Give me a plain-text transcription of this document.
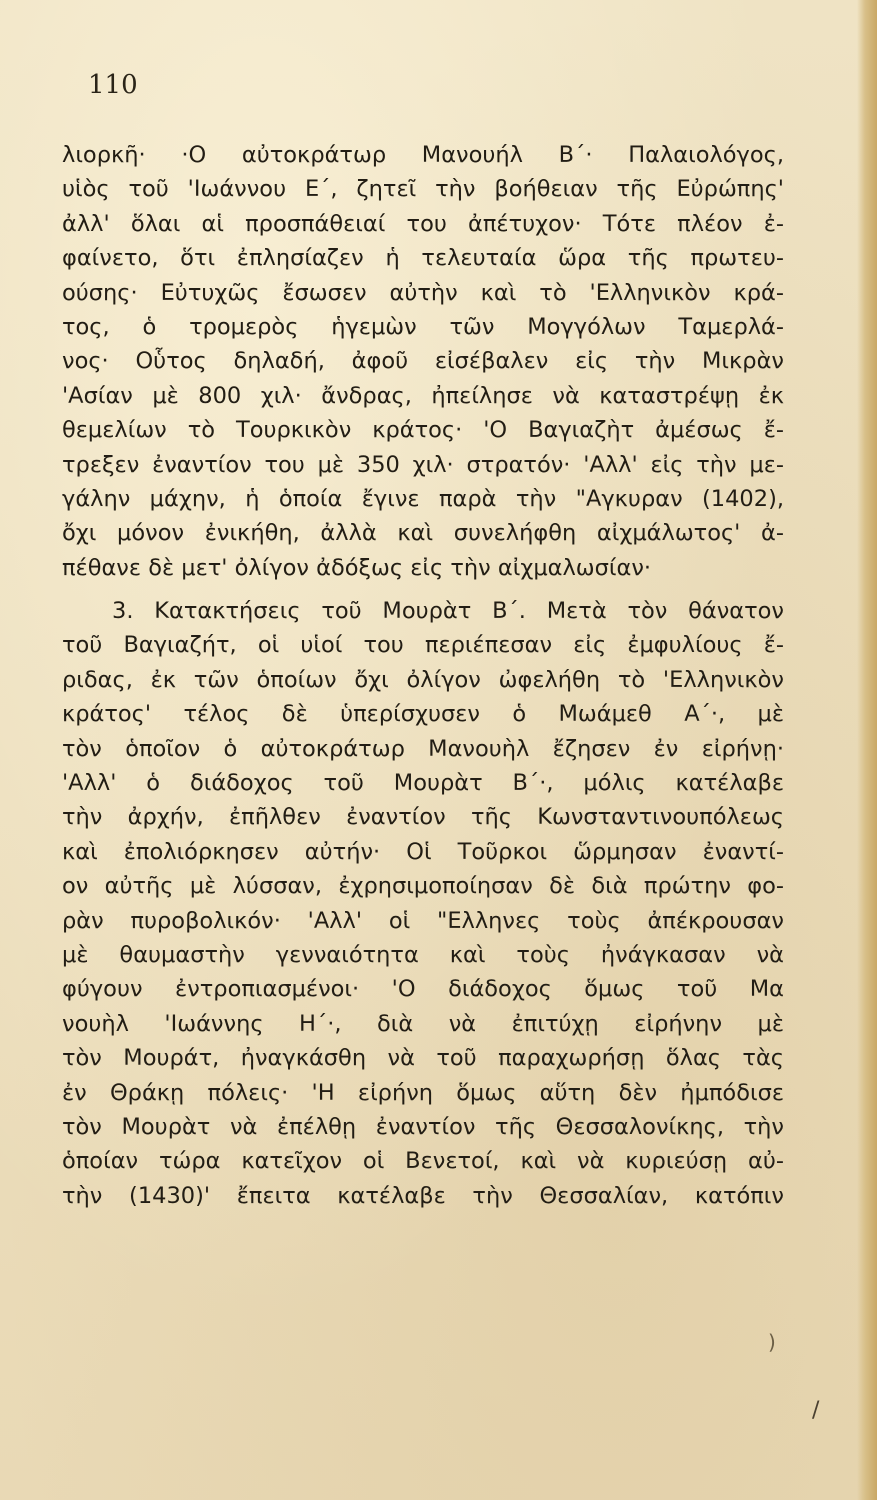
110
λιορκῆ· ·Ο αὐτοκράτωρ Μανουήλ Β΄· Παλαιολόγος,
υἱὸς τοῦ 'Ιωάννου Ε΄, ζητεῖ τὴν βοήθειαν τῆς Εὐρώπης'
ἀλλ' ὅλαι αἱ προσπάθειαί του ἀπέτυχον· Τότε πλέον ἐ-
φαίνετο, ὅτι ἐπλησίαζεν ἡ τελευταία ὥρα τῆς πρωτευ-
ούσης· Εὐτυχῶς ἔσωσεν αὐτὴν καὶ τὸ 'Ελληνικὸν κρά-
τος, ὁ τρομερὸς ἡγεμὼν τῶν Μογγόλων Ταμερλά-
νος· Οὗτος δηλαδή, ἀφοῦ εἰσέβαλεν εἰς τὴν Μικρὰν
'Ασίαν μὲ 800 χιλ· ἄνδρας, ἠπείλησε νὰ καταστρέψῃ ἐκ
θεμελίων τὸ Τουρκικὸν κράτος· 'Ο Βαγιαζὴτ ἀμέσως ἔ-
τρεξεν ἐναντίον του μὲ 350 χιλ· στρατόν· 'Αλλ' εἰς τὴν με-
γάλην μάχην, ἡ ὁποία ἔγινε παρὰ τὴν "Αγκυραν (1402),
ὄχι μόνον ἐνικήθη, ἀλλὰ καὶ συνελήφθη αἰχμάλωτος' ἀ-
πέθανε δὲ μετ' ὀλίγον ἀδόξως εἰς τὴν αἰχμαλωσίαν·
3. Κατακτήσεις τοῦ Μουρὰτ Β΄. Μετὰ τὸν θάνατον
τοῦ Βαγιαζήτ, οἱ υἱοί του περιέπεσαν εἰς ἐμφυλίους ἔ-
ριδας, ἐκ τῶν ὁποίων ὄχι ὀλίγον ὠφελήθη τὸ 'Ελληνικὸν
κράτος' τέλος δὲ ὑπερίσχυσεν ὁ Μωάμεθ Α΄·, μὲ
τὸν ὁποῖον ὁ αὐτοκράτωρ Μανουὴλ ἔζησεν ἐν εἰρήνῃ·
'Αλλ' ὁ διάδοχος τοῦ Μουρὰτ Β΄·, μόλις κατέλαβε
τὴν ἀρχήν, ἐπῆλθεν ἐναντίον τῆς Κωνσταντινουπόλεως
καὶ ἐπολιόρκησεν αὐτήν· Οἱ Τοῦρκοι ὥρμησαν ἐναντί-
ον αὐτῆς μὲ λύσσαν, ἐχρησιμοποίησαν δὲ διὰ πρώτην φο-
ρὰν πυροβολικόν· 'Αλλ' οἱ "Ελληνες τοὺς ἀπέκρουσαν
μὲ θαυμαστὴν γενναιότητα καὶ τοὺς ἠνάγκασαν νὰ
φύγουν ἐντροπιασμένοι· 'Ο διάδοχος ὅμως τοῦ Μα
νουὴλ 'Ιωάννης Η΄·, διὰ νὰ ἐπιτύχῃ εἰρήνην μὲ
τὸν Μουράτ, ἠναγκάσθη νὰ τοῦ παραχωρήσῃ ὅλας τὰς
ἐν Θράκῃ πόλεις· 'Η εἰρήνη ὅμως αὕτη δὲν ἠμπόδισε
τὸν Μουρὰτ νὰ ἐπέλθῃ ἐναντίον τῆς Θεσσαλονίκης, τὴν
ὁποίαν τώρα κατεῖχον οἱ Βενετοί, καὶ νὰ κυριεύσῃ αὐ-
τὴν (1430)' ἔπειτα κατέλαβε τὴν Θεσσαλίαν, κατόπιν
)
/
